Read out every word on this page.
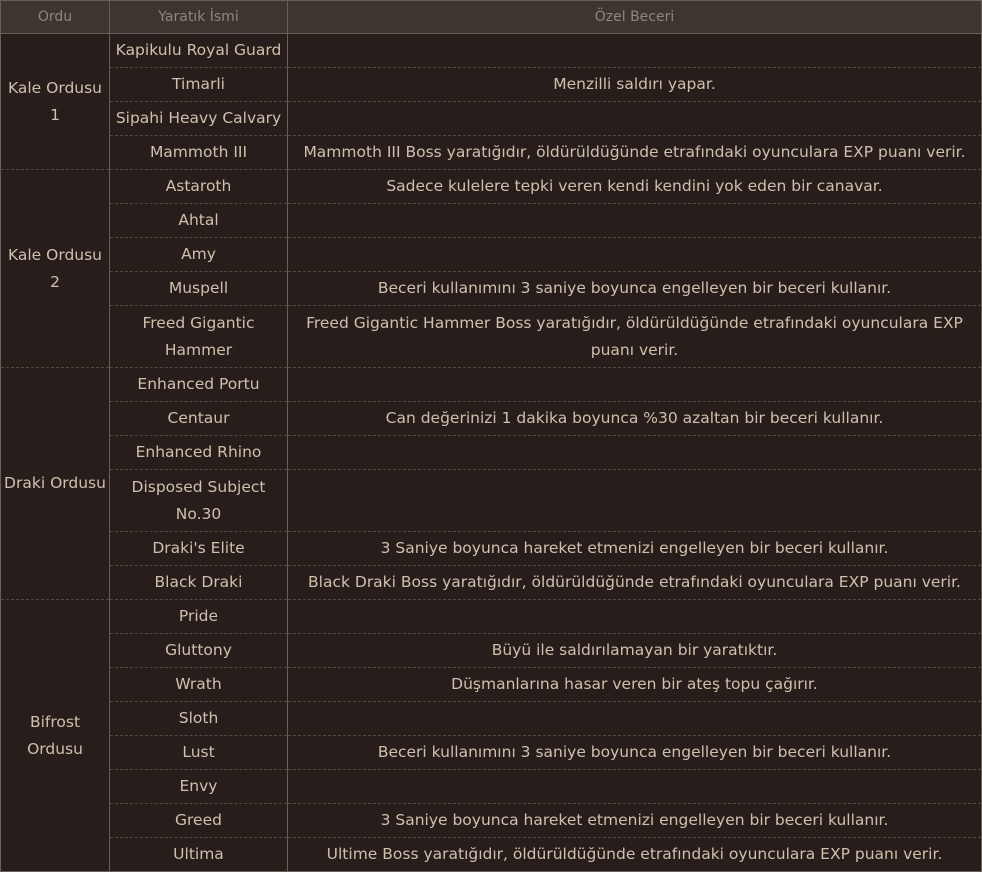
Ordu	Yaratık İsmi	Özel Beceri
Kale Ordusu 1	Kapikulu Royal Guard	
	Timarli	Menzilli saldırı yapar.
	Sipahi Heavy Calvary	
	Mammoth III	Mammoth III Boss yaratığıdır, öldürüldüğünde etrafındaki oyunculara EXP puanı verir.
Kale Ordusu 2	Astaroth	Sadece kulelere tepki veren kendi kendini yok eden bir canavar.
	Ahtal	
	Amy	
	Muspell	Beceri kullanımını 3 saniye boyunca engelleyen bir beceri kullanır.
	Freed Gigantic Hammer	Freed Gigantic Hammer Boss yaratığıdır, öldürüldüğünde etrafındaki oyunculara EXP puanı verir.
Draki Ordusu	Enhanced Portu	
	Centaur	Can değerinizi 1 dakika boyunca %30 azaltan bir beceri kullanır.
	Enhanced Rhino	
	Disposed Subject No.30	
	Draki's Elite	3 Saniye boyunca hareket etmenizi engelleyen bir beceri kullanır.
	Black Draki	Black Draki Boss yaratığıdır, öldürüldüğünde etrafındaki oyunculara EXP puanı verir.
Bifrost Ordusu	Pride	
	Gluttony	Büyü ile saldırılamayan bir yaratıktır.
	Wrath	Düşmanlarına hasar veren bir ateş topu çağırır.
	Sloth	
	Lust	Beceri kullanımını 3 saniye boyunca engelleyen bir beceri kullanır.
	Envy	
	Greed	3 Saniye boyunca hareket etmenizi engelleyen bir beceri kullanır.
	Ultima	Ultime Boss yaratığıdır, öldürüldüğünde etrafındaki oyunculara EXP puanı verir.
